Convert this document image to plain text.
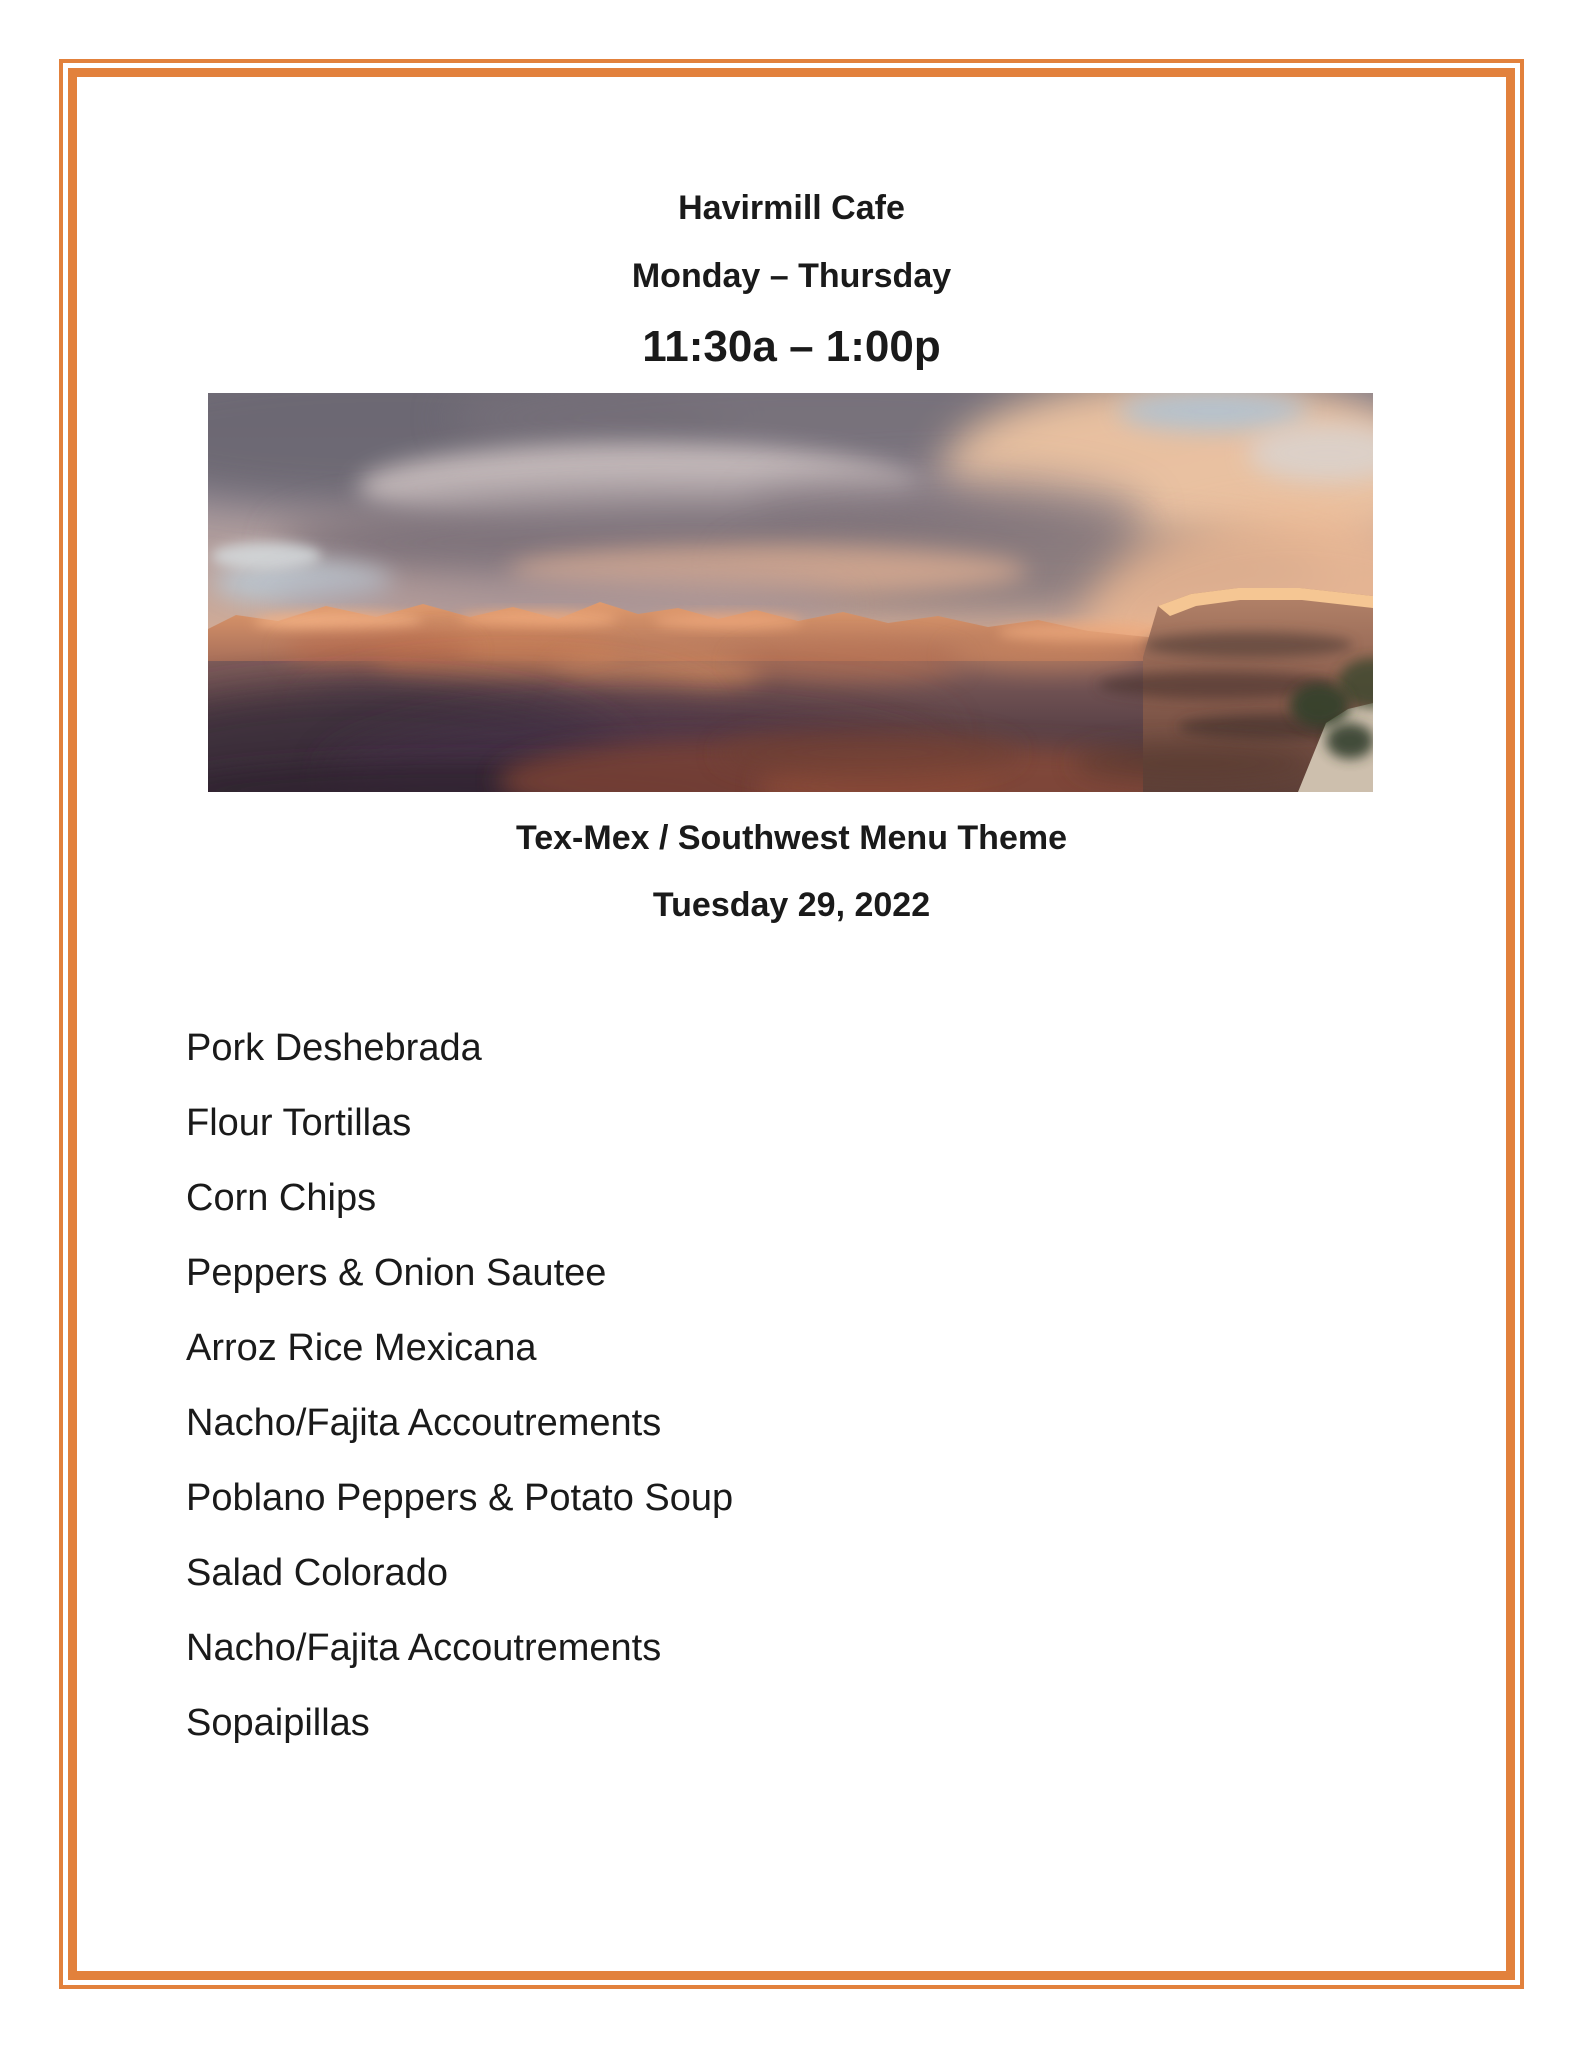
Havirmill Cafe
Monday – Thursday
11:30a – 1:00p
Tex-Mex / Southwest Menu Theme
Tuesday 29, 2022
Pork Deshebrada
Flour Tortillas
Corn Chips
Peppers & Onion Sautee
Arroz Rice Mexicana
Nacho/Fajita Accoutrements
Poblano Peppers & Potato Soup
Salad Colorado
Nacho/Fajita Accoutrements
Sopaipillas
